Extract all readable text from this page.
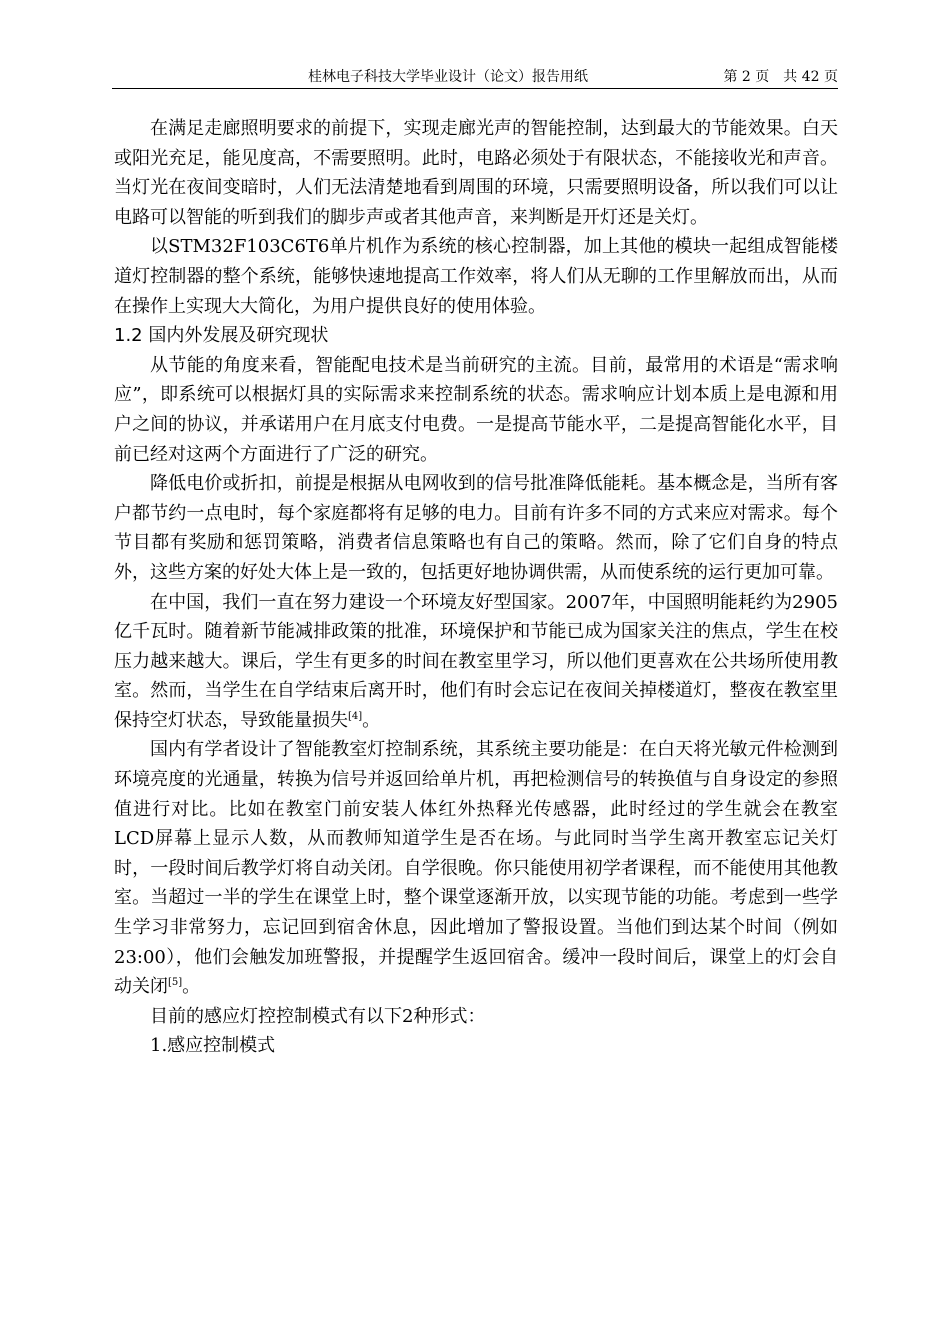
桂林电子科技大学毕业设计（论文）报告用纸	第 2 页　共 42 页

在满足走廊照明要求的前提下，实现走廊光声的智能控制，达到最大的节能效果。白天或阳光充足，能见度高，不需要照明。此时，电路必须处于有限状态，不能接收光和声音。当灯光在夜间变暗时，人们无法清楚地看到周围的环境，只需要照明设备，所以我们可以让电路可以智能的听到我们的脚步声或者其他声音，来判断是开灯还是关灯。

以STM32F103C6T6单片机作为系统的核心控制器，加上其他的模块一起组成智能楼道灯控制器的整个系统，能够快速地提高工作效率，将人们从无聊的工作里解放而出，从而在操作上实现大大简化，为用户提供良好的使用体验。

1.2 国内外发展及研究现状

从节能的角度来看，智能配电技术是当前研究的主流。目前，最常用的术语是“需求响应”，即系统可以根据灯具的实际需求来控制系统的状态。需求响应计划本质上是电源和用户之间的协议，并承诺用户在月底支付电费。一是提高节能水平，二是提高智能化水平，目前已经对这两个方面进行了广泛的研究。

降低电价或折扣，前提是根据从电网收到的信号批准降低能耗。基本概念是，当所有客户都节约一点电时，每个家庭都将有足够的电力。目前有许多不同的方式来应对需求。每个节目都有奖励和惩罚策略，消费者信息策略也有自己的策略。然而，除了它们自身的特点外，这些方案的好处大体上是一致的，包括更好地协调供需，从而使系统的运行更加可靠。

在中国，我们一直在努力建设一个环境友好型国家。2007年，中国照明能耗约为2905亿千瓦时。随着新节能减排政策的批准，环境保护和节能已成为国家关注的焦点，学生在校压力越来越大。课后，学生有更多的时间在教室里学习，所以他们更喜欢在公共场所使用教室。然而，当学生在自学结束后离开时，他们有时会忘记在夜间关掉楼道灯，整夜在教室里保持空灯状态，导致能量损失[4]。

国内有学者设计了智能教室灯控制系统，其系统主要功能是：在白天将光敏元件检测到环境亮度的光通量，转换为信号并返回给单片机，再把检测信号的转换值与自身设定的参照值进行对比。比如在教室门前安装人体红外热释光传感器，此时经过的学生就会在教室LCD屏幕上显示人数，从而教师知道学生是否在场。与此同时当学生离开教室忘记关灯时，一段时间后教学灯将自动关闭。自学很晚。你只能使用初学者课程，而不能使用其他教室。当超过一半的学生在课堂上时，整个课堂逐渐开放，以实现节能的功能。考虑到一些学生学习非常努力，忘记回到宿舍休息，因此增加了警报设置。当他们到达某个时间（例如23:00），他们会触发加班警报，并提醒学生返回宿舍。缓冲一段时间后，课堂上的灯会自动关闭[5]。

目前的感应灯控控制模式有以下2种形式：

1.感应控制模式
